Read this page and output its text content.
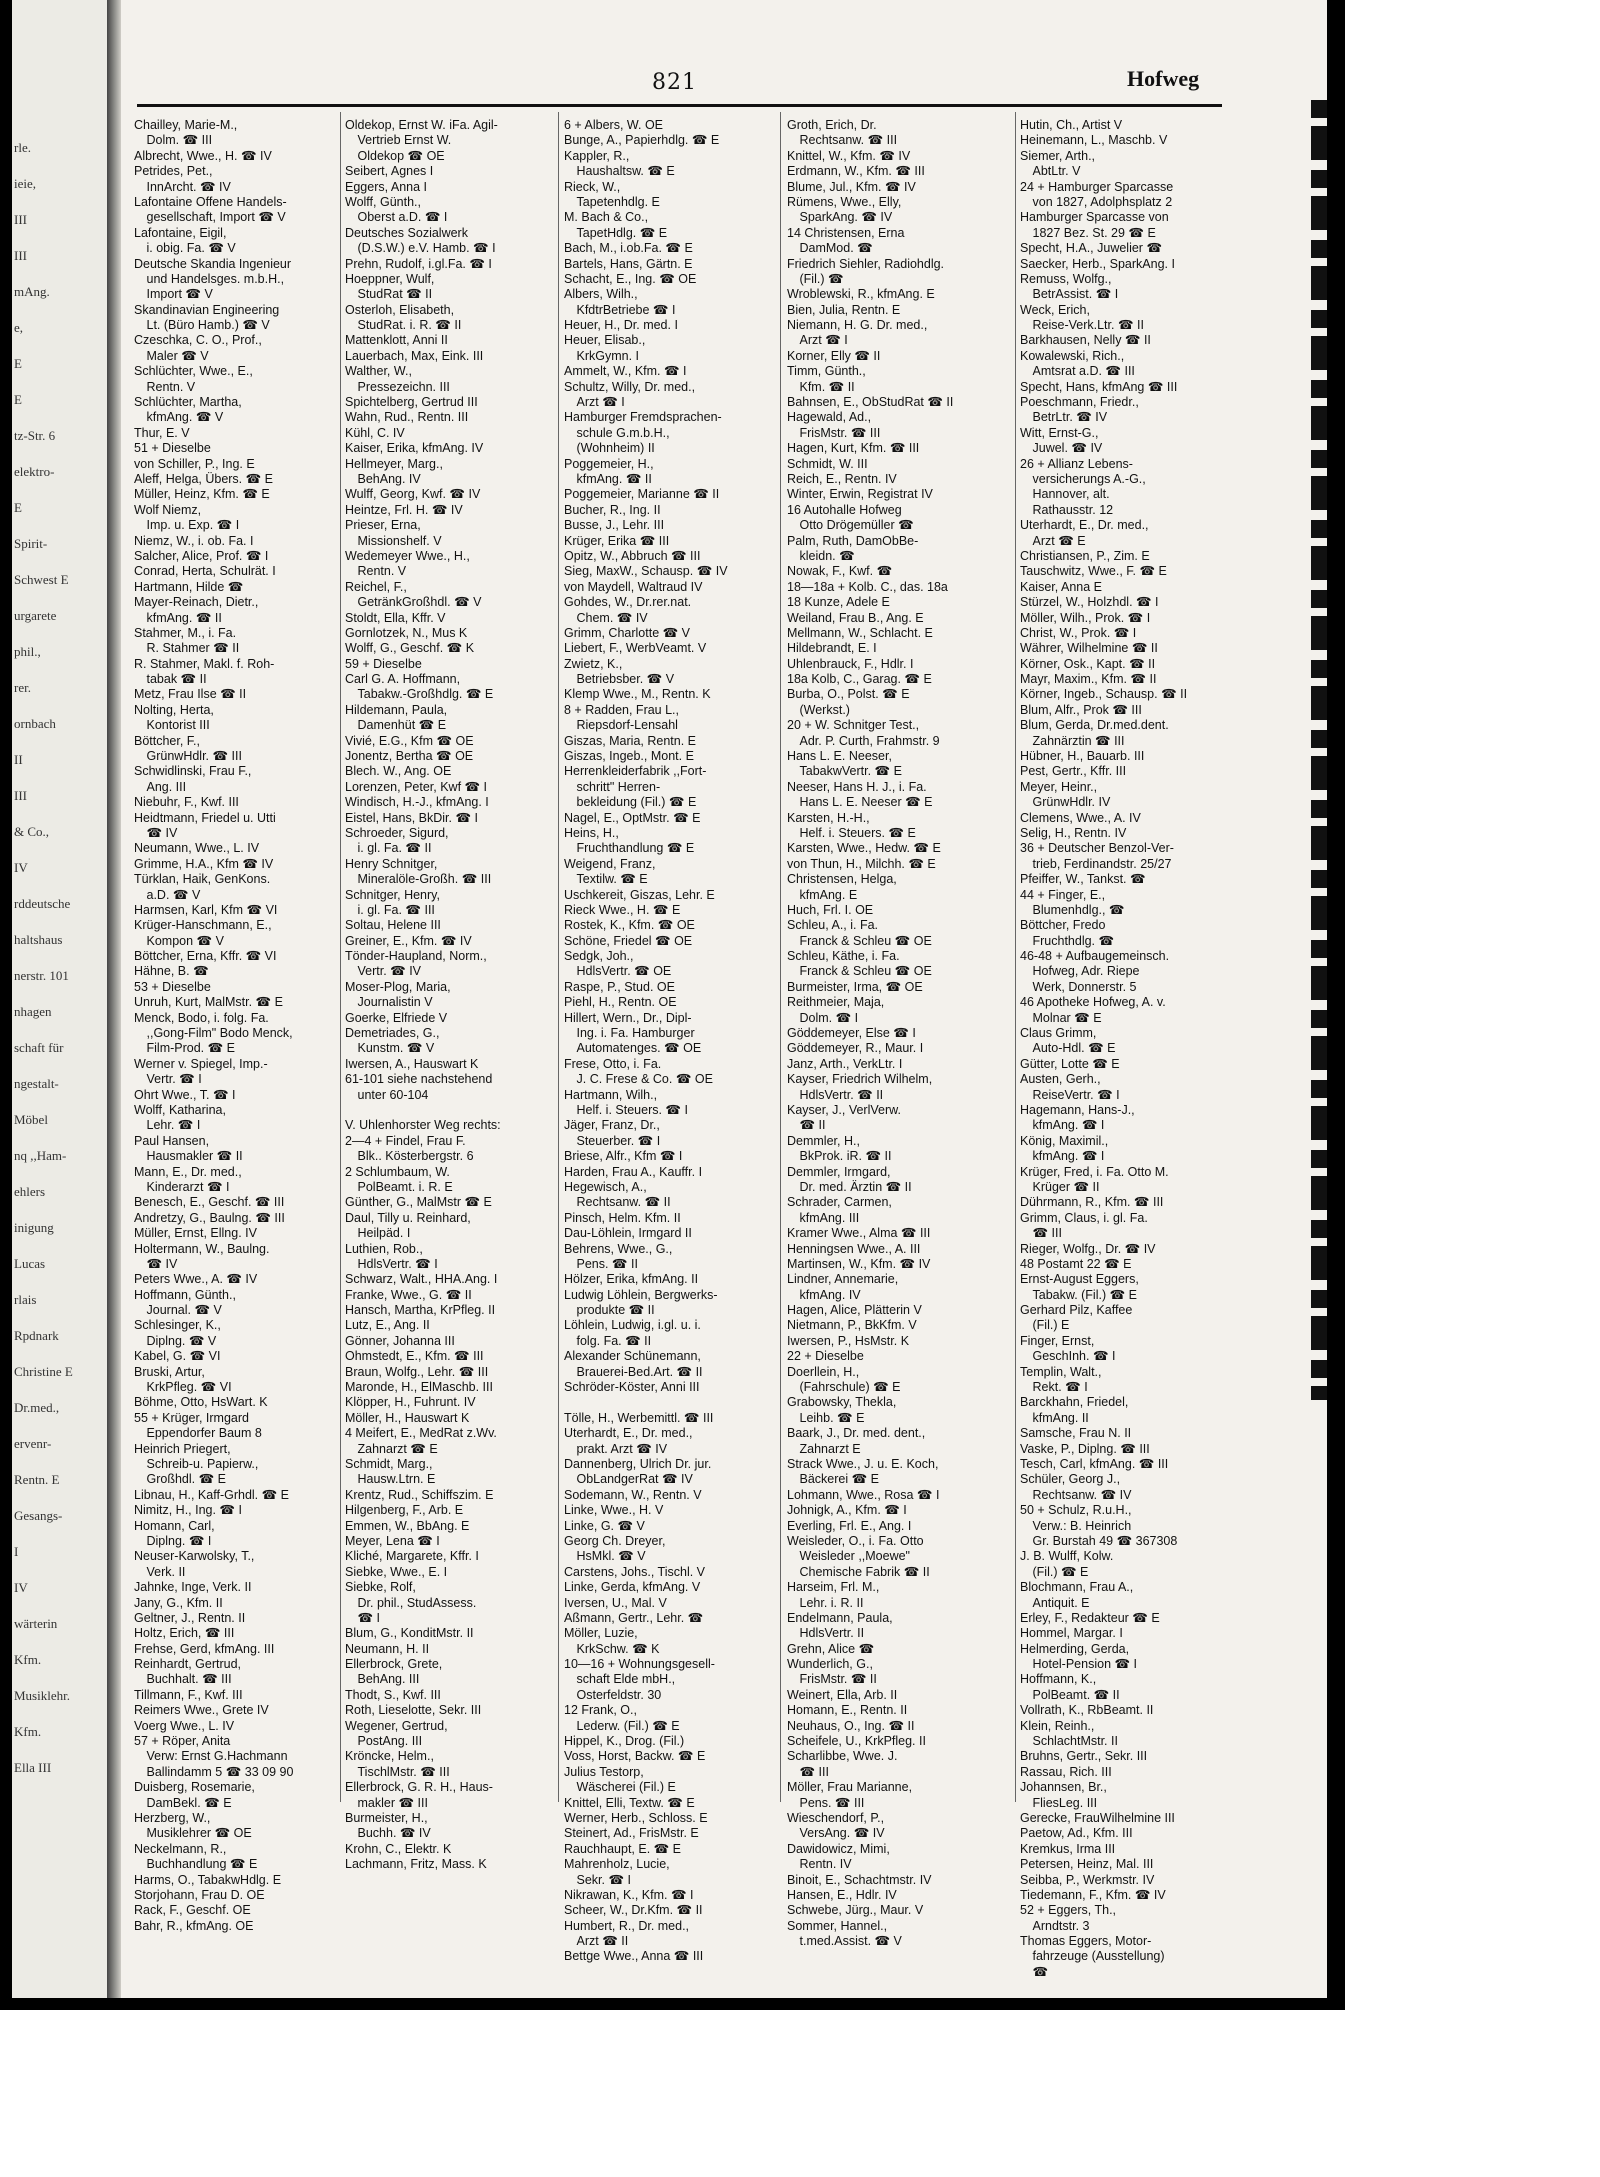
rle.
ieie,
III
III
mAng.
e,
E
E
tz-Str. 6
elektro-
E
Spirit-
Schwest E
urgarete
phil.,
rer.
ornbach
II
III
& Co.,
IV
rddeutsche
haltshaus
nerstr. 101
nhagen
schaft für
ngestalt-
Möbel
nq ,,Ham-
ehlers
inigung
Lucas
rlais
Rpdnark
Christine E
Dr.med.,
ervenr-
Rentn. E
Gesangs-
I
IV
wärterin
Kfm.
Musiklehr.
Kfm.
Ella III
821	Hofweg
Chailley, Marie-M.,
 Dolm. ☎ III
Albrecht, Wwe., H. ☎ IV
Petrides, Pet.,
 InnArcht. ☎ IV
Lafontaine Offene Handels-
 gesellschaft, Import ☎ V
Lafontaine, Eigil,
 i. obig. Fa. ☎ V
Deutsche Skandia Ingenieur
 und Handelsges. m.b.H.,
 Import ☎ V
Skandinavian Engineering
 Lt. (Büro Hamb.) ☎ V
Czeschka, C. O., Prof.,
 Maler ☎ V
Schlüchter, Wwe., E.,
 Rentn. V
Schlüchter, Martha,
 kfmAng. ☎ V
Thur, E. V
51 + Dieselbe
von Schiller, P., Ing. E
Aleff, Helga, Übers. ☎ E
Müller, Heinz, Kfm. ☎ E
Wolf Niemz,
 Imp. u. Exp. ☎ I
Niemz, W., i. ob. Fa. I
Salcher, Alice, Prof. ☎ I
Conrad, Herta, Schulrät. I
Hartmann, Hilde ☎
Mayer-Reinach, Dietr.,
 kfmAng. ☎ II
Stahmer, M., i. Fa.
 R. Stahmer ☎ II
R. Stahmer, Makl. f. Roh-
 tabak ☎ II
Metz, Frau Ilse ☎ II
Nolting, Herta,
 Kontorist III
Böttcher, F.,
 GrünwHdlr. ☎ III
Schwidlinski, Frau F.,
 Ang. III
Niebuhr, F., Kwf. III
Heidtmann, Friedel u. Utti
 ☎ IV
Neumann, Wwe., L. IV
Grimme, H.A., Kfm ☎ IV
Türklan, Haik, GenKons.
 a.D. ☎ V
Harmsen, Karl, Kfm ☎ VI
Krüger-Hanschmann, E.,
 Kompon ☎ V
Böttcher, Erna, Kffr. ☎ VI
Hähne, B. ☎
53 + Dieselbe
Unruh, Kurt, MalMstr. ☎ E
Menck, Bodo, i. folg. Fa.
 ,,Gong-Film" Bodo Menck,
 Film-Prod. ☎ E
Werner v. Spiegel, Imp.-
 Vertr. ☎ I
Ohrt Wwe., T. ☎ I
Wolff, Katharina,
 Lehr. ☎ I
Paul Hansen,
 Hausmakler ☎ II
Mann, E., Dr. med.,
 Kinderarzt ☎ I
Benesch, E., Geschf. ☎ III
Andretzy, G., Baulng. ☎ III
Müller, Ernst, Ellng. IV
Holtermann, W., Baulng.
 ☎ IV
Peters Wwe., A. ☎ IV
Hoffmann, Günth.,
 Journal. ☎ V
Schlesinger, K.,
 Diplng. ☎ V
Kabel, G. ☎ VI
Bruski, Artur,
 KrkPfleg. ☎ VI
Böhme, Otto, HsWart. K
55 + Krüger, Irmgard
 Eppendorfer Baum 8
Heinrich Priegert,
 Schreib-u. Papierw.,
 Großhdl. ☎ E
Libnau, H., Kaff-Grhdl. ☎ E
Nimitz, H., Ing. ☎ I
Homann, Carl,
 Diplng. ☎ I
Neuser-Karwolsky, T.,
 Verk. II
Jahnke, Inge, Verk. II
Jany, G., Kfm. II
Geltner, J., Rentn. II
Holtz, Erich, ☎ III
Frehse, Gerd, kfmAng. III
Reinhardt, Gertrud,
 Buchhalt. ☎ III
Tillmann, F., Kwf. III
Reimers Wwe., Grete IV
Voerg Wwe., L. IV
57 + Röper, Anita
 Verw: Ernst G.Hachmann
 Ballindamm 5 ☎ 33 09 90
Duisberg, Rosemarie,
 DamBekl. ☎ E
Herzberg, W.,
 Musiklehrer ☎ OE
Neckelmann, R.,
 Buchhandlung ☎ E
Harms, O., TabakwHdlg. E
Storjohann, Frau D. OE
Rack, F., Geschf. OE
Bahr, R., kfmAng. OE
Oldekop, Ernst W. iFa. Agil-
 Vertrieb Ernst W.
 Oldekop ☎ OE
Seibert, Agnes I
Eggers, Anna I
Wolff, Günth.,
 Oberst a.D. ☎ I
Deutsches Sozialwerk
 (D.S.W.) e.V. Hamb. ☎ I
Prehn, Rudolf, i.gl.Fa. ☎ I
Hoeppner, Wulf,
 StudRat ☎ II
Osterloh, Elisabeth,
 StudRat. i. R. ☎ II
Mattenklott, Anni II
Lauerbach, Max, Eink. III
Walther, W.,
 Pressezeichn. III
Spichtelberg, Gertrud III
Wahn, Rud., Rentn. III
Kühl, C. IV
Kaiser, Erika, kfmAng. IV
Hellmeyer, Marg.,
 BehAng. IV
Wulff, Georg, Kwf. ☎ IV
Heintze, Frl. H. ☎ IV
Prieser, Erna,
 Missionshelf. V
Wedemeyer Wwe., H.,
 Rentn. V
Reichel, F.,
 GetränkGroßhdl. ☎ V
Stoldt, Ella, Kffr. V
Gornlotzek, N., Mus K
Wolff, G., Geschf. ☎ K
59 + Dieselbe
Carl G. A. Hoffmann,
 Tabakw.-Großhdlg. ☎ E
Hildemann, Paula,
 Damenhüt ☎ E
Vivié, E.G., Kfm ☎ OE
Jonentz, Bertha ☎ OE
Blech. W., Ang. OE
Lorenzen, Peter, Kwf ☎ I
Windisch, H.-J., kfmAng. I
Eistel, Hans, BkDir. ☎ I
Schroeder, Sigurd,
 i. gl. Fa. ☎ II
Henry Schnitger,
 Mineralöle-Großh. ☎ III
Schnitger, Henry,
 i. gl. Fa. ☎ III
Soltau, Helene III
Greiner, E., Kfm. ☎ IV
Tönder-Haupland, Norm.,
 Vertr. ☎ IV
Moser-Plog, Maria,
 Journalistin V
Goerke, Elfriede V
Demetriades, G.,
 Kunstm. ☎ V
Iwersen, A., Hauswart K
61-101 siehe nachstehend
 unter 60-104
V. Uhlenhorster Weg rechts:
2—4 + Findel, Frau F.
 Blk.. Kösterbergstr. 6
2 Schlumbaum, W.
 PolBeamt. i. R. E
Günther, G., MalMstr ☎ E
Daul, Tilly u. Reinhard,
 Heilpäd. I
Luthien, Rob.,
 HdlsVertr. ☎ I
Schwarz, Walt., HHA.Ang. I
Franke, Wwe., G. ☎ II
Hansch, Martha, KrPfleg. II
Lutz, E., Ang. II
Gönner, Johanna III
Ohmstedt, E., Kfm. ☎ III
Braun, Wolfg., Lehr. ☎ III
Maronde, H., ElMaschb. III
Klöpper, H., Fuhrunt. IV
Möller, H., Hauswart K
4 Meifert, E., MedRat z.Wv.
 Zahnarzt ☎ E
Schmidt, Marg.,
 Hausw.Ltrn. E
Krentz, Rud., Schiffszim. E
Hilgenberg, F., Arb. E
Emmen, W., BbAng. E
Meyer, Lena ☎ I
Kliché, Margarete, Kffr. I
Siebke, Wwe., E. I
Siebke, Rolf,
 Dr. phil., StudAssess.
 ☎ I
Blum, G., KonditMstr. II
Neumann, H. II
Ellerbrock, Grete,
 BehAng. III
Thodt, S., Kwf. III
Roth, Lieselotte, Sekr. III
Wegener, Gertrud,
 PostAng. III
Kröncke, Helm.,
 TischlMstr. ☎ III
Ellerbrock, G. R. H., Haus-
 makler ☎ III
Burmeister, H.,
 Buchh. ☎ IV
Krohn, C., Elektr. K
Lachmann, Fritz, Mass. K
6 + Albers, W. OE
Bunge, A., Papierhdlg. ☎ E
Kappler, R.,
 Haushaltsw. ☎ E
Rieck, W.,
 Tapetenhdlg. E
M. Bach & Co.,
 TapetHdlg. ☎ E
Bach, M., i.ob.Fa. ☎ E
Bartels, Hans, Gärtn. E
Schacht, E., Ing. ☎ OE
Albers, Wilh.,
 KfdtrBetriebe ☎ I
Heuer, H., Dr. med. I
Heuer, Elisab.,
 KrkGymn. I
Ammelt, W., Kfm. ☎ I
Schultz, Willy, Dr. med.,
 Arzt ☎ I
Hamburger Fremdsprachen-
 schule G.m.b.H.,
 (Wohnheim) II
Poggemeier, H.,
 kfmAng. ☎ II
Poggemeier, Marianne ☎ II
Bucher, R., Ing. II
Busse, J., Lehr. III
Krüger, Erika ☎ III
Opitz, W., Abbruch ☎ III
Sieg, MaxW., Schausp. ☎ IV
von Maydell, Waltraud IV
Gohdes, W., Dr.rer.nat.
 Chem. ☎ IV
Grimm, Charlotte ☎ V
Liebert, F., WerbVeamt. V
Zwietz, K.,
 Betriebsber. ☎ V
Klemp Wwe., M., Rentn. K
8 + Radden, Frau L.,
 Riepsdorf-Lensahl
Giszas, Maria, Rentn. E
Giszas, Ingeb., Mont. E
Herrenkleiderfabrik ,,Fort-
 schritt" Herren-
 bekleidung (Fil.) ☎ E
Nagel, E., OptMstr. ☎ E
Heins, H.,
 Fruchthandlung ☎ E
Weigend, Franz,
 Textilw. ☎ E
Uschkereit, Giszas, Lehr. E
Rieck Wwe., H. ☎ E
Rostek, K., Kfm. ☎ OE
Schöne, Friedel ☎ OE
Sedgk, Joh.,
 HdlsVertr. ☎ OE
Raspe, P., Stud. OE
Piehl, H., Rentn. OE
Hillert, Wern., Dr., Dipl-
 Ing. i. Fa. Hamburger
 Automatenges. ☎ OE
Frese, Otto, i. Fa.
 J. C. Frese & Co. ☎ OE
Hartmann, Wilh.,
 Helf. i. Steuers. ☎ I
Jäger, Franz, Dr.,
 Steuerber. ☎ I
Briese, Alfr., Kfm ☎ I
Harden, Frau A., Kauffr. I
Hegewisch, A.,
 Rechtsanw. ☎ II
Pinsch, Helm. Kfm. II
Dau-Löhlein, Irmgard II
Behrens, Wwe., G.,
 Pens. ☎ II
Hölzer, Erika, kfmAng. II
Ludwig Löhlein, Bergwerks-
 produkte ☎ II
Löhlein, Ludwig, i.gl. u. i.
 folg. Fa. ☎ II
Alexander Schünemann,
 Brauerei-Bed.Art. ☎ II
Schröder-Köster, Anni III
Tölle, H., Werbemittl. ☎ III
Uterhardt, E., Dr. med.,
 prakt. Arzt ☎ IV
Dannenberg, Ulrich Dr. jur.
 ObLandgerRat ☎ IV
Sodemann, W., Rentn. V
Linke, Wwe., H. V
Linke, G. ☎ V
Georg Ch. Dreyer,
 HsMkl. ☎ V
Carstens, Johs., Tischl. V
Linke, Gerda, kfmAng. V
Iversen, U., Mal. V
Aßmann, Gertr., Lehr. ☎
Möller, Luzie,
 KrkSchw. ☎ K
10—16 + Wohnungsgesell-
 schaft Elde mbH.,
 Osterfeldstr. 30
12 Frank, O.,
 Lederw. (Fil.) ☎ E
Hippel, K., Drog. (Fil.)
Voss, Horst, Backw. ☎ E
Julius Testorp,
 Wäscherei (Fil.) E
Knittel, Elli, Textw. ☎ E
Werner, Herb., Schloss. E
Steinert, Ad., FrisMstr. E
Rauchhaupt, E. ☎ E
Mahrenholz, Lucie,
 Sekr. ☎ I
Nikrawan, K., Kfm. ☎ I
Scheer, W., Dr.Kfm. ☎ II
Humbert, R., Dr. med.,
 Arzt ☎ II
Bettge Wwe., Anna ☎ III
Groth, Erich, Dr.
 Rechtsanw. ☎ III
Knittel, W., Kfm. ☎ IV
Erdmann, W., Kfm. ☎ III
Blume, Jul., Kfm. ☎ IV
Rümens, Wwe., Elly,
 SparkAng. ☎ IV
14 Christensen, Erna
 DamMod. ☎
Friedrich Siehler, Radiohdlg.
 (Fil.) ☎
Wroblewski, R., kfmAng. E
Bien, Julia, Rentn. E
Niemann, H. G. Dr. med.,
 Arzt ☎ I
Korner, Elly ☎ II
Timm, Günth.,
 Kfm. ☎ II
Bahnsen, E., ObStudRat ☎ II
Hagewald, Ad.,
 FrisMstr. ☎ III
Hagen, Kurt, Kfm. ☎ III
Schmidt, W. III
Reich, E., Rentn. IV
Winter, Erwin, Registrat IV
16 Autohalle Hofweg
 Otto Drögemüller ☎
Palm, Ruth, DamObBe-
 kleidn. ☎
Nowak, F., Kwf. ☎
18—18a + Kolb. C., das. 18a
18 Kunze, Adele E
Weiland, Frau B., Ang. E
Mellmann, W., Schlacht. E
Hildebrandt, E. I
Uhlenbrauck, F., Hdlr. I
18a Kolb, C., Garag. ☎ E
Burba, O., Polst. ☎ E
 (Werkst.)
20 + W. Schnitger Test.,
 Adr. P. Curth, Frahmstr. 9
Hans L. E. Neeser,
 TabakwVertr. ☎ E
Neeser, Hans H. J., i. Fa.
 Hans L. E. Neeser ☎ E
Karsten, H.-H.,
 Helf. i. Steuers. ☎ E
Karsten, Wwe., Hedw. ☎ E
von Thun, H., Milchh. ☎ E
Christensen, Helga,
 kfmAng. E
Huch, Frl. I. OE
Schleu, A., i. Fa.
 Franck & Schleu ☎ OE
Schleu, Käthe, i. Fa.
 Franck & Schleu ☎ OE
Burmeister, Irma, ☎ OE
Reithmeier, Maja,
 Dolm. ☎ I
Göddemeyer, Else ☎ I
Göddemeyer, R., Maur. I
Janz, Arth., VerkLtr. I
Kayser, Friedrich Wilhelm,
 HdlsVertr. ☎ II
Kayser, J., VerlVerw.
 ☎ II
Demmler, H.,
 BkProk. iR. ☎ II
Demmler, Irmgard,
 Dr. med. Ärztin ☎ II
Schrader, Carmen,
 kfmAng. III
Kramer Wwe., Alma ☎ III
Henningsen Wwe., A. III
Martinsen, W., Kfm. ☎ IV
Lindner, Annemarie,
 kfmAng. IV
Hagen, Alice, Plätterin V
Nietmann, P., BkKfm. V
Iwersen, P., HsMstr. K
22 + Dieselbe
Doerllein, H.,
 (Fahrschule) ☎ E
Grabowsky, Thekla,
 Leihb. ☎ E
Baark, J., Dr. med. dent.,
 Zahnarzt E
Strack Wwe., J. u. E. Koch,
 Bäckerei ☎ E
Lohmann, Wwe., Rosa ☎ I
Johnigk, A., Kfm. ☎ I
Everling, Frl. E., Ang. I
Weisleder, O., i. Fa. Otto
 Weisleder ,,Moewe"
 Chemische Fabrik ☎ II
Harseim, Frl. M.,
 Lehr. i. R. II
Endelmann, Paula,
 HdlsVertr. II
Grehn, Alice ☎
Wunderlich, G.,
 FrisMstr. ☎ II
Weinert, Ella, Arb. II
Homann, E., Rentn. II
Neuhaus, O., Ing. ☎ II
Scheifele, U., KrkPfleg. II
Scharlibbe, Wwe. J.
 ☎ III
Möller, Frau Marianne,
 Pens. ☎ III
Wieschendorf, P.,
 VersAng. ☎ IV
Dawidowicz, Mimi,
 Rentn. IV
Binoit, E., Schachtmstr. IV
Hansen, E., Hdlr. IV
Schwebe, Jürg., Maur. V
Sommer, Hannel.,
 t.med.Assist. ☎ V
Hutin, Ch., Artist V
Heinemann, L., Maschb. V
Siemer, Arth.,
 AbtLtr. V
24 + Hamburger Sparcasse
 von 1827, Adolphsplatz 2
Hamburger Sparcasse von
 1827 Bez. St. 29 ☎ E
Specht, H.A., Juwelier ☎
Saecker, Herb., SparkAng. I
Remuss, Wolfg.,
 BetrAssist. ☎ I
Weck, Erich,
 Reise-Verk.Ltr. ☎ II
Barkhausen, Nelly ☎ II
Kowalewski, Rich.,
 Amtsrat a.D. ☎ III
Specht, Hans, kfmAng ☎ III
Poeschmann, Friedr.,
 BetrLtr. ☎ IV
Witt, Ernst-G.,
 Juwel. ☎ IV
26 + Allianz Lebens-
 versicherungs A.-G.,
 Hannover, alt.
 Rathausstr. 12
Uterhardt, E., Dr. med.,
 Arzt ☎ E
Christiansen, P., Zim. E
Tauschwitz, Wwe., F. ☎ E
Kaiser, Anna E
Stürzel, W., Holzhdl. ☎ I
Möller, Wilh., Prok. ☎ I
Christ, W., Prok. ☎ I
Währer, Wilhelmine ☎ II
Körner, Osk., Kapt. ☎ II
Mayr, Maxim., Kfm. ☎ II
Körner, Ingeb., Schausp. ☎ II
Blum, Alfr., Prok ☎ III
Blum, Gerda, Dr.med.dent.
 Zahnärztin ☎ III
Hübner, H., Bauarb. III
Pest, Gertr., Kffr. III
Meyer, Heinr.,
 GrünwHdlr. IV
Clemens, Wwe., A. IV
Selig, H., Rentn. IV
36 + Deutscher Benzol-Ver-
 trieb, Ferdinandstr. 25/27
Pfeiffer, W., Tankst. ☎
44 + Finger, E.,
 Blumenhdlg., ☎
Böttcher, Fredo
 Fruchthdlg. ☎
46-48 + Aufbaugemeinsch.
 Hofweg, Adr. Riepe
 Werk, Donnerstr. 5
46 Apotheke Hofweg, A. v.
 Molnar ☎ E
Claus Grimm,
 Auto-Hdl. ☎ E
Gütter, Lotte ☎ E
Austen, Gerh.,
 ReiseVertr. ☎ I
Hagemann, Hans-J.,
 kfmAng. ☎ I
König, Maximil.,
 kfmAng. ☎ I
Krüger, Fred, i. Fa. Otto M.
 Krüger ☎ II
Dührmann, R., Kfm. ☎ III
Grimm, Claus, i. gl. Fa.
 ☎ III
Rieger, Wolfg., Dr. ☎ IV
48 Postamt 22 ☎ E
Ernst-August Eggers,
 Tabakw. (Fil.) ☎ E
Gerhard Pilz, Kaffee
 (Fil.) E
Finger, Ernst,
 GeschInh. ☎ I
Templin, Walt.,
 Rekt. ☎ I
Barckhahn, Friedel,
 kfmAng. II
Samsche, Frau N. II
Vaske, P., Diplng. ☎ III
Tesch, Carl, kfmAng. ☎ III
Schüler, Georg J.,
 Rechtsanw. ☎ IV
50 + Schulz, R.u.H.,
 Verw.: B. Heinrich
 Gr. Burstah 49 ☎ 367308
J. B. Wulff, Kolw.
 (Fil.) ☎ E
Blochmann, Frau A.,
 Antiquit. E
Erley, F., Redakteur ☎ E
Hommel, Margar. I
Helmerding, Gerda,
 Hotel-Pension ☎ I
Hoffmann, K.,
 PolBeamt. ☎ II
Vollrath, K., RbBeamt. II
Klein, Reinh.,
 SchlachtMstr. II
Bruhns, Gertr., Sekr. III
Rassau, Rich. III
Johannsen, Br.,
 FliesLeg. III
Gerecke, FrauWilhelmine III
Paetow, Ad., Kfm. III
Kremkus, Irma III
Petersen, Heinz, Mal. III
Seibba, P., Werkmstr. IV
Tiedemann, F., Kfm. ☎ IV
52 + Eggers, Th.,
 Arndtstr. 3
Thomas Eggers, Motor-
 fahrzeuge (Ausstellung)
 ☎
